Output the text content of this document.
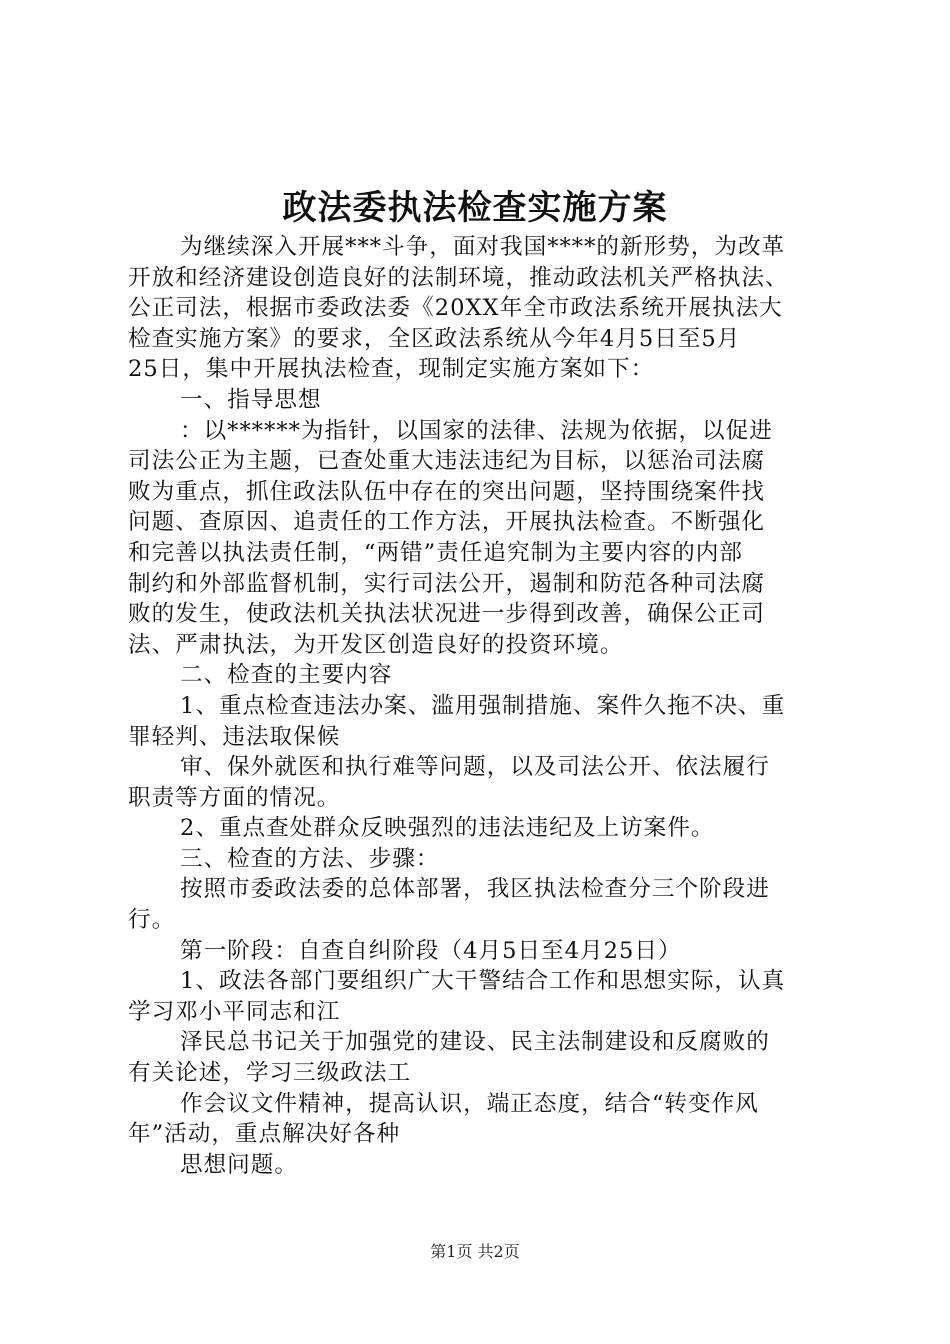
政法委执法检查实施方案
为继续深入开展***斗争，面对我国****的新形势，为改革
开放和经济建设创造良好的法制环境，推动政法机关严格执法、
公正司法，根据市委政法委《20XX年全市政法系统开展执法大
检查实施方案》的要求，全区政法系统从今年4月5日至5月
25日，集中开展执法检查，现制定实施方案如下：
一、指导思想
：以******为指针，以国家的法律、法规为依据，以促进
司法公正为主题，已查处重大违法违纪为目标，以惩治司法腐
败为重点，抓住政法队伍中存在的突出问题，坚持围绕案件找
问题、查原因、追责任的工作方法，开展执法检查。不断强化
和完善以执法责任制，“两错”责任追究制为主要内容的内部
制约和外部监督机制，实行司法公开，遏制和防范各种司法腐
败的发生，使政法机关执法状况进一步得到改善，确保公正司
法、严肃执法，为开发区创造良好的投资环境。
二、检查的主要内容
1、重点检查违法办案、滥用强制措施、案件久拖不决、重
罪轻判、违法取保候
审、保外就医和执行难等问题，以及司法公开、依法履行
职责等方面的情况。
2、重点查处群众反映强烈的违法违纪及上访案件。
三、检查的方法、步骤：
按照市委政法委的总体部署，我区执法检查分三个阶段进
行。
第一阶段：自查自纠阶段（4月5日至4月25日）
1、政法各部门要组织广大干警结合工作和思想实际，认真
学习邓小平同志和江
泽民总书记关于加强党的建设、民主法制建设和反腐败的
有关论述，学习三级政法工
作会议文件精神，提高认识，端正态度，结合“转变作风
年”活动，重点解决好各种
思想问题。
第1页 共2页
